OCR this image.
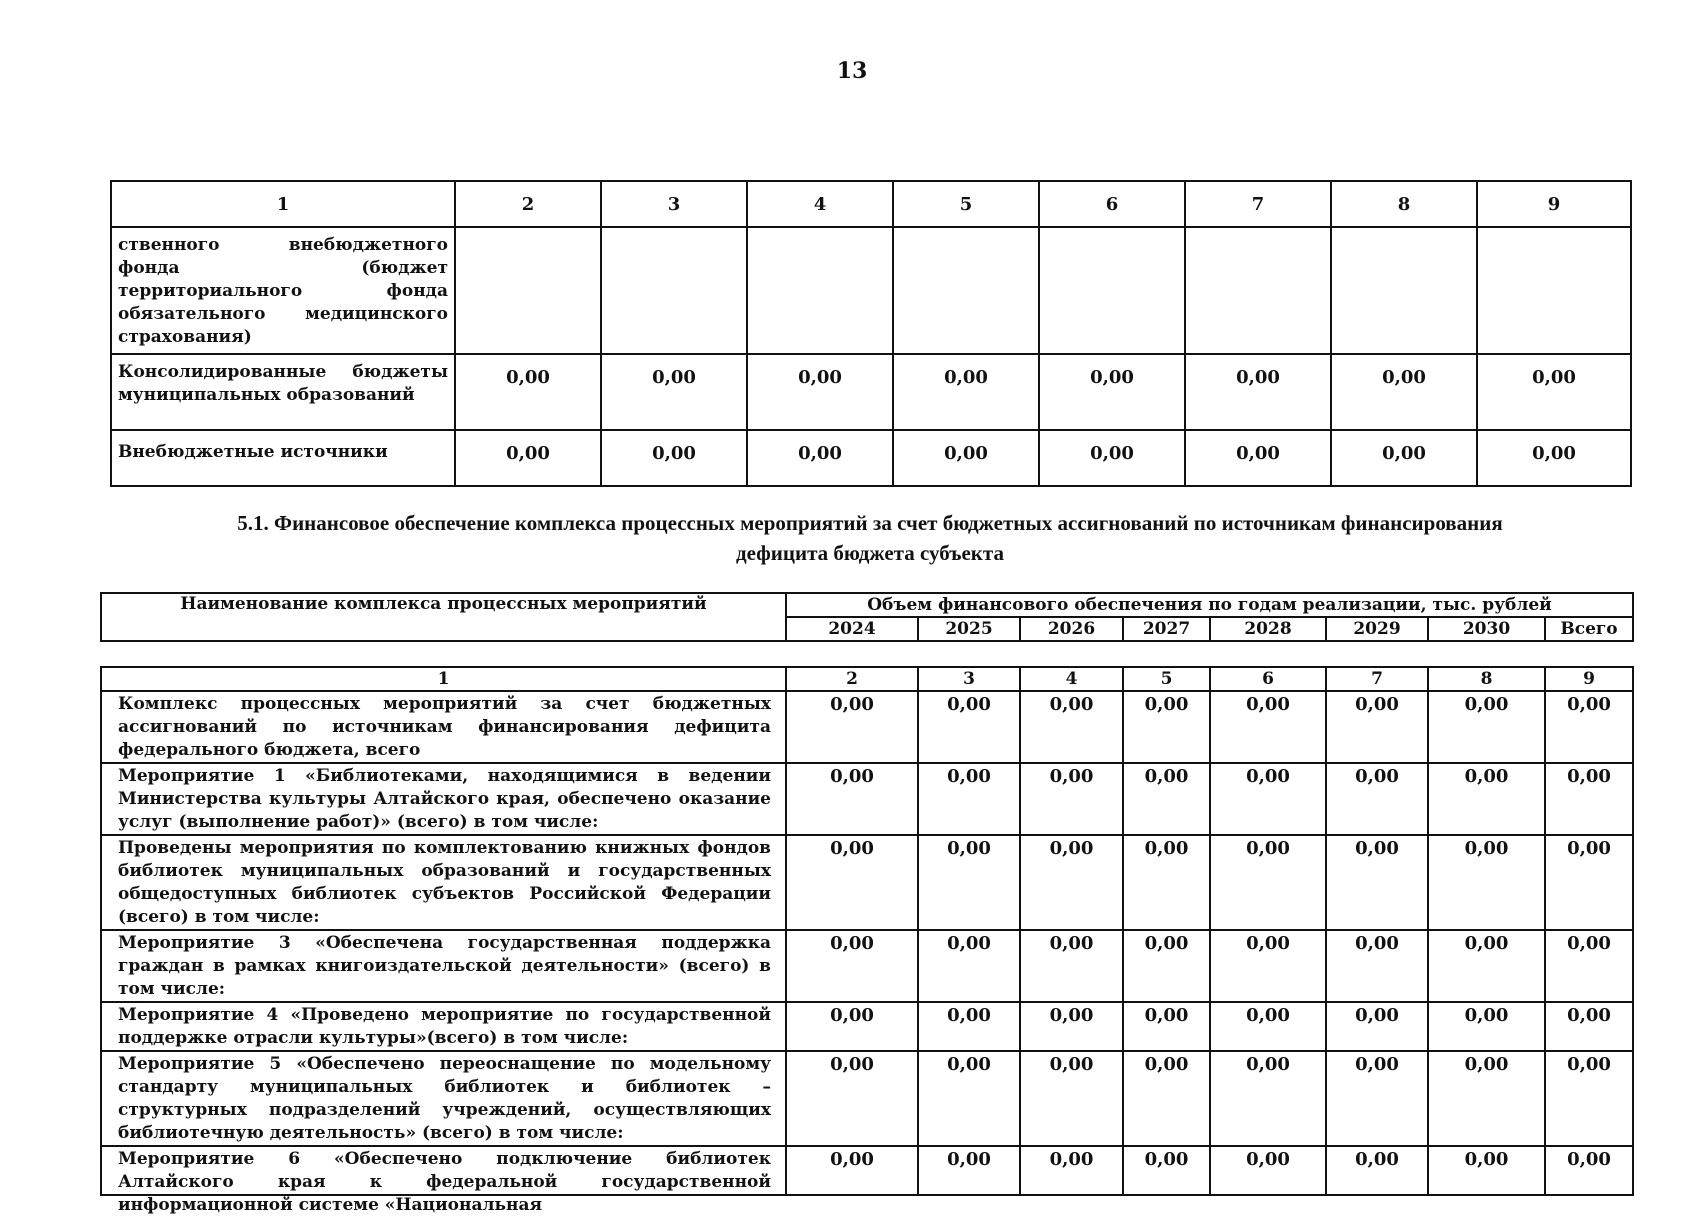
13
1	2	3	4	5	6	7	8	9
ственного внебюджетного фонда (бюджет территориального фонда обязательного медицинского страхования)								
Консолидированные бюджеты муниципальных образований	0,00	0,00	0,00	0,00	0,00	0,00	0,00	0,00
Внебюджетные источники	0,00	0,00	0,00	0,00	0,00	0,00	0,00	0,00
5.1. Финансовое обеспечение комплекса процессных мероприятий за счет бюджетных ассигнований по источникам финансирования
дефицита бюджета субъекта
Наименование комплекса процессных мероприятий	Объем финансового обеспечения по годам реализации, тыс. рублей							
	2024	2025	2026	2027	2028	2029	2030	Всего
1	2	3	4	5	6	7	8	9
Комплекс процессных мероприятий за счет бюджетных ассигнований по источникам финансирования дефицита федерального бюджета, всего	0,00	0,00	0,00	0,00	0,00	0,00	0,00	0,00
Мероприятие 1 «Библиотеками, находящимися в ведении Министерства культуры Алтайского края, обеспечено оказание услуг (выполнение работ)» (всего) в том числе:	0,00	0,00	0,00	0,00	0,00	0,00	0,00	0,00
Проведены мероприятия по комплектованию книжных фондов библиотек муниципальных образований и государственных общедоступных библиотек субъектов Российской Федерации (всего) в том числе:	0,00	0,00	0,00	0,00	0,00	0,00	0,00	0,00
Мероприятие 3 «Обеспечена государственная поддержка граждан в рамках книгоиздательской деятельности» (всего) в том числе:	0,00	0,00	0,00	0,00	0,00	0,00	0,00	0,00
Мероприятие 4 «Проведено мероприятие по государственной поддержке отрасли культуры»(всего) в том числе:	0,00	0,00	0,00	0,00	0,00	0,00	0,00	0,00
Мероприятие 5 «Обеспечено переоснащение по модельному стандарту муниципальных библиотек и библиотек – структурных подразделений учреждений, осуществляющих библиотечную деятельность» (всего) в том числе:	0,00	0,00	0,00	0,00	0,00	0,00	0,00	0,00

Мероприятие 6 «Обеспечено подключение библиотек Алтайского края к федеральной государственной информационной системе «Национальная	0,00	0,00	0,00	0,00	0,00	0,00	0,00	0,00
